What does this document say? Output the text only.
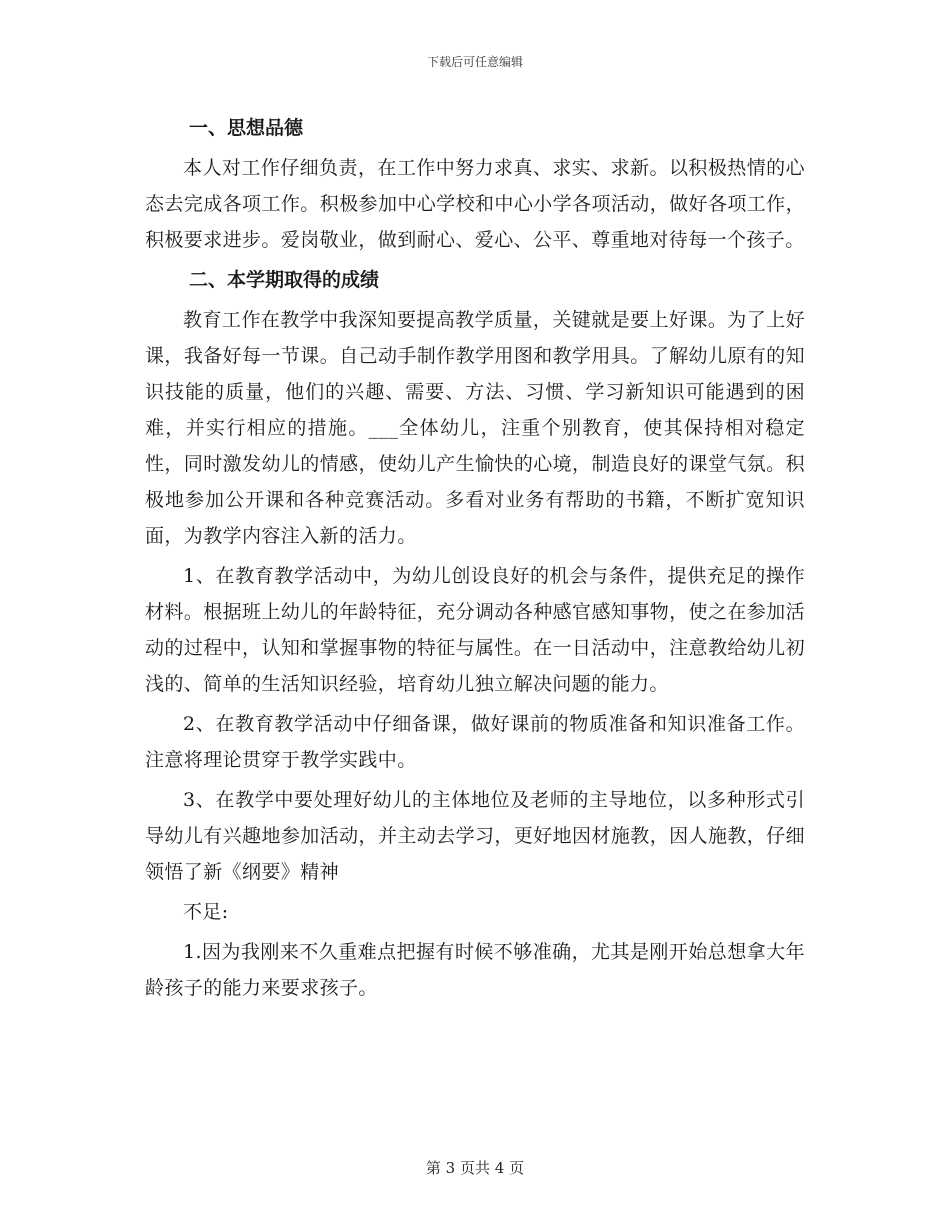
下载后可任意编辑

一、思想品德

本人对工作仔细负责，在工作中努力求真、求实、求新。以积极热情的心态去完成各项工作。积极参加中心学校和中心小学各项活动，做好各项工作，积极要求进步。爱岗敬业，做到耐心、爱心、公平、尊重地对待每一个孩子。

二、本学期取得的成绩

教育工作在教学中我深知要提高教学质量，关键就是要上好课。为了上好课，我备好每一节课。自己动手制作教学用图和教学用具。了解幼儿原有的知识技能的质量，他们的兴趣、需要、方法、习惯、学习新知识可能遇到的困难，并实行相应的措施。___全体幼儿，注重个别教育，使其保持相对稳定性，同时激发幼儿的情感，使幼儿产生愉快的心境，制造良好的课堂气氛。积极地参加公开课和各种竞赛活动。多看对业务有帮助的书籍，不断扩宽知识面，为教学内容注入新的活力。

1、在教育教学活动中，为幼儿创设良好的机会与条件，提供充足的操作材料。根据班上幼儿的年龄特征，充分调动各种感官感知事物，使之在参加活动的过程中，认知和掌握事物的特征与属性。在一日活动中，注意教给幼儿初浅的、简单的生活知识经验，培育幼儿独立解决问题的能力。

2、在教育教学活动中仔细备课，做好课前的物质准备和知识准备工作。注意将理论贯穿于教学实践中。

3、在教学中要处理好幼儿的主体地位及老师的主导地位，以多种形式引导幼儿有兴趣地参加活动，并主动去学习，更好地因材施教，因人施教，仔细领悟了新《纲要》精神

不足:

1.因为我刚来不久重难点把握有时候不够准确，尤其是刚开始总想拿大年龄孩子的能力来要求孩子。

第 3 页共 4 页
